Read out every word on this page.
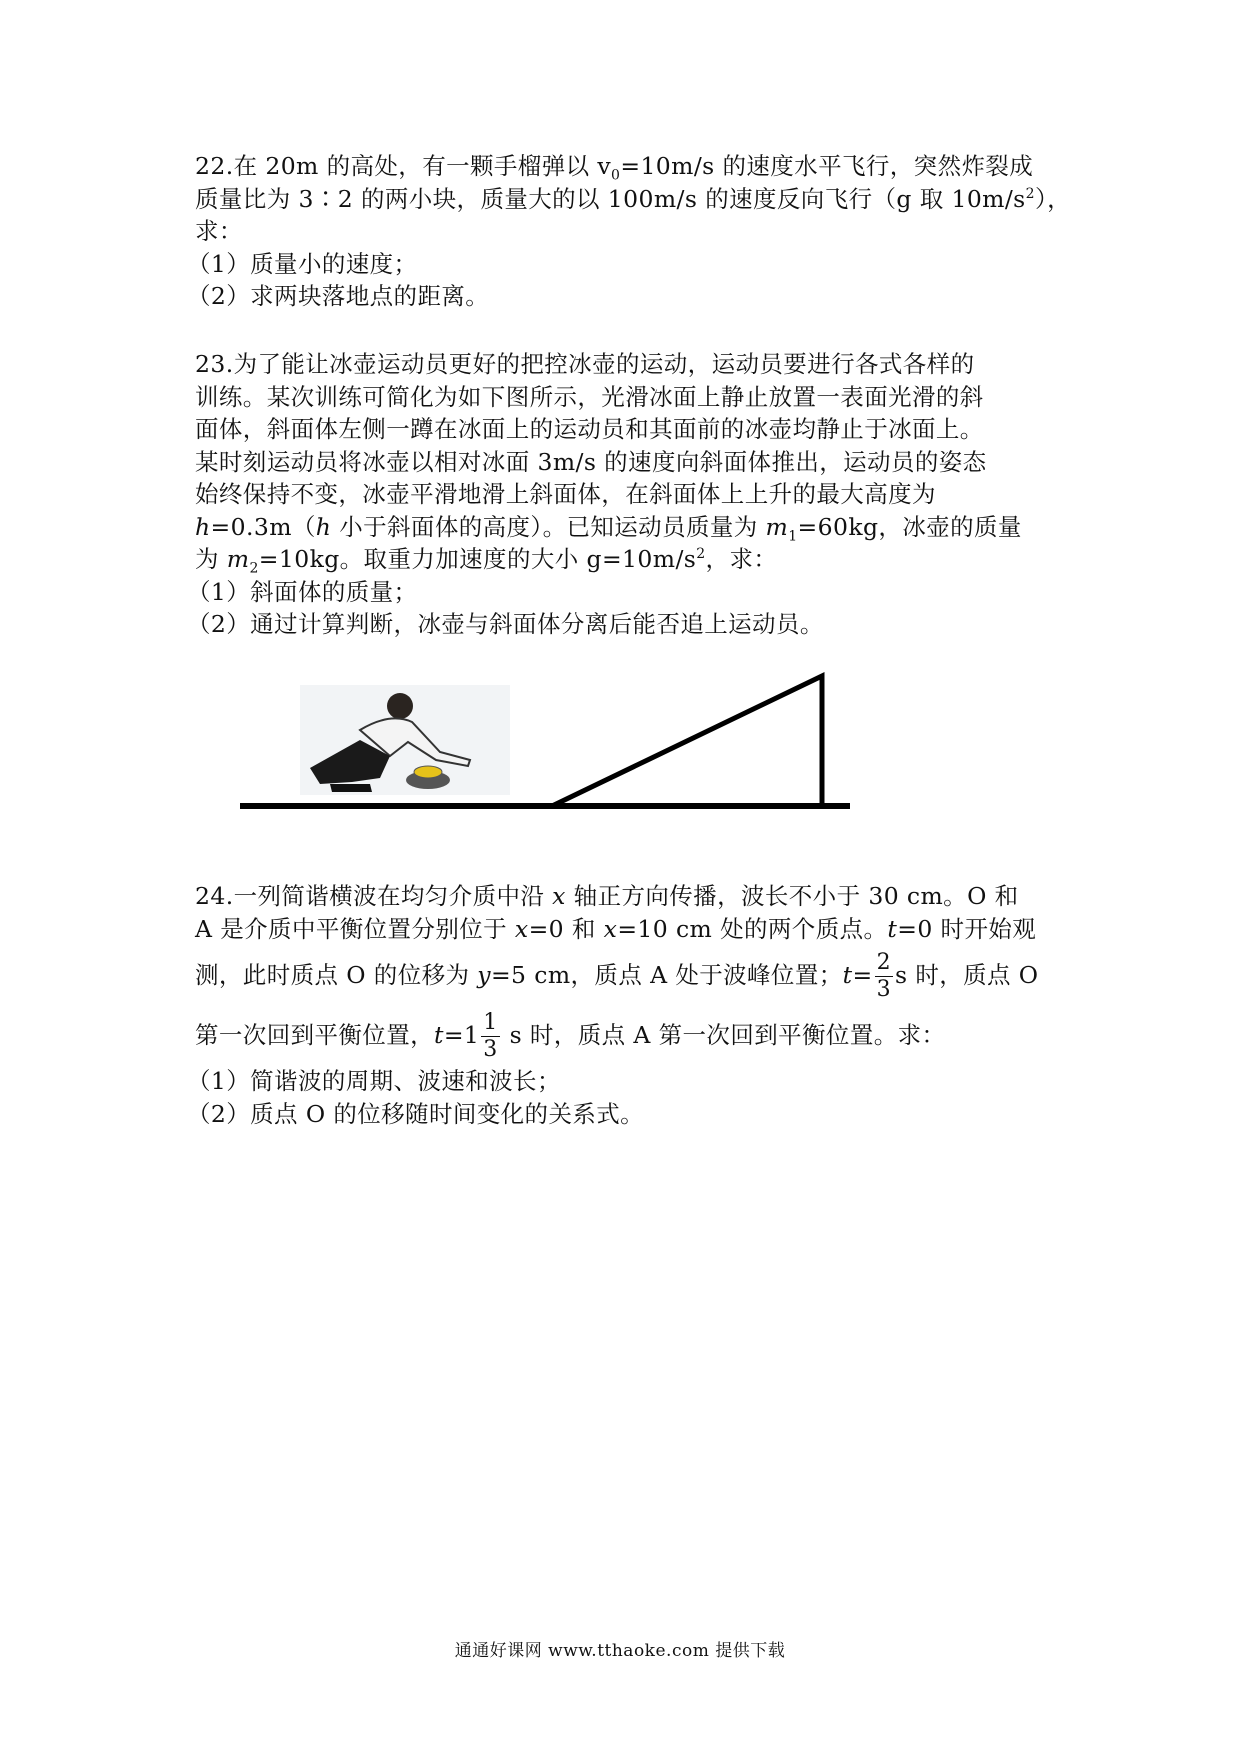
22.在 20m 的高处，有一颗手榴弹以 $v_0=10m/s$ 的速度水平飞行，突然炸裂成
质量比为 3∶2 的两小块，质量大的以 100m/s 的速度反向飞行（g 取 $10m/s^2$），
求：
（1）质量小的速度；
（2）求两块落地点的距离。
23.为了能让冰壶运动员更好的把控冰壶的运动，运动员要进行各式各样的
训练。某次训练可简化为如下图所示，光滑冰面上静止放置一表面光滑的斜
面体，斜面体左侧一蹲在冰面上的运动员和其面前的冰壶均静止于冰面上。
某时刻运动员将冰壶以相对冰面 3m/s 的速度向斜面体推出，运动员的姿态
始终保持不变，冰壶平滑地滑上斜面体，在斜面体上上升的最大高度为
h=0.3m（h 小于斜面体的高度）。已知运动员质量为 $m_1=60kg$，冰壶的质量
为 $m_2=10kg$。取重力加速度的大小 $g=10m/s^2$，求：
（1）斜面体的质量；
（2）通过计算判断，冰壶与斜面体分离后能否追上运动员。
24.一列简谐横波在均匀介质中沿 x 轴正方向传播，波长不小于 30 cm。O 和
A 是介质中平衡位置分别位于 x=0 和 x=10 cm 处的两个质点。t=0 时开始观
测，此时质点 O 的位移为 y=5 cm，质点 A 处于波峰位置；$t= \frac{2}{3}$ s 时，质点 O
第一次回到平衡位置，$t=1 \frac{1}{3}$ s 时，质点 A 第一次回到平衡位置。求：
（1）简谐波的周期、波速和波长；
（2）质点 O 的位移随时间变化的关系式。
通通好课网 www.tthaoke.com 提供下载
